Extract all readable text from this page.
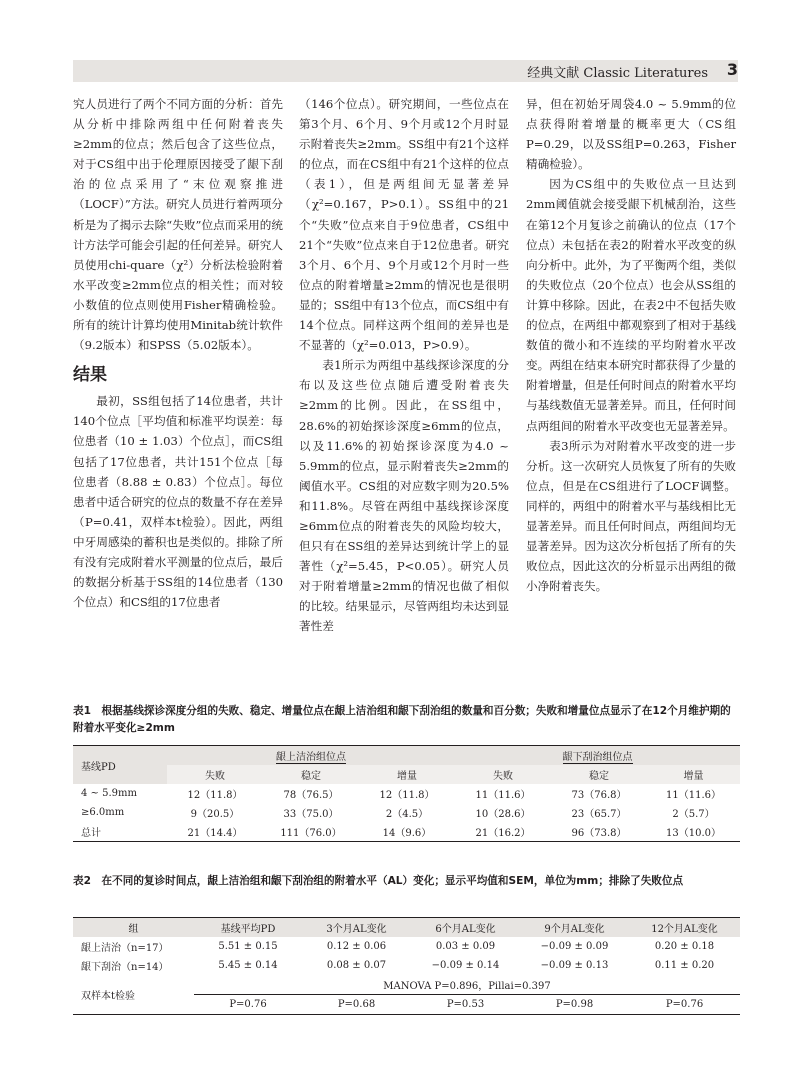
经典文献 Classic Literatures 3

究人员进行了两个不同方面的分析：首先从分析中排除两组中任何附着丧失≥2mm的位点；然后包含了这些位点，对于CS组中出于伦理原因接受了龈下刮治的位点采用了“末位观察推进（LOCF）”方法。研究人员进行着两项分析是为了揭示去除“失败”位点而采用的统计方法学可能会引起的任何差异。研究人员使用chi-quare（χ²）分析法检验附着水平改变≥2mm位点的相关性；而对较小数值的位点则使用Fisher精确检验。所有的统计计算均使用Minitab统计软件（9.2版本）和SPSS（5.02版本）。

结果

最初，SS组包括了14位患者，共计140个位点［平均值和标准平均误差：每位患者（10 ± 1.03）个位点］，而CS组包括了17位患者，共计151个位点［每位患者（8.88 ± 0.83）个位点］。每位患者中适合研究的位点的数量不存在差异（P=0.41，双样本t检验）。因此，两组中牙周感染的蓄积也是类似的。排除了所有没有完成附着水平测量的位点后，最后的数据分析基于SS组的14位患者（130个位点）和CS组的17位患者

（146个位点）。研究期间，一些位点在第3个月、6个月、9个月或12个月时显示附着丧失≥2mm。SS组中有21个这样的位点，而在CS组中有21个这样的位点（表1），但是两组间无显著差异（χ²=0.167，P>0.1）。SS组中的21个“失败”位点来自于9位患者，CS组中21个“失败”位点来自于12位患者。研究3个月、6个月、9个月或12个月时一些位点的附着增量≥2mm的情况也是很明显的；SS组中有13个位点，而CS组中有14个位点。同样这两个组间的差异也是不显著的（χ²=0.013，P>0.9）。

表1所示为两组中基线探诊深度的分布以及这些位点随后遭受附着丧失≥2mm的比例。因此，在SS组中，28.6%的初始探诊深度≥6mm的位点，以及11.6%的初始探诊深度为4.0 ~ 5.9mm的位点，显示附着丧失≥2mm的阈值水平。CS组的对应数字则为20.5%和11.8%。尽管在两组中基线探诊深度≥6mm位点的附着丧失的风险均较大，但只有在SS组的差异达到统计学上的显著性（χ²=5.45，P<0.05）。研究人员对于附着增量≥2mm的情况也做了相似的比较。结果显示，尽管两组均未达到显著性差

异，但在初始牙周袋4.0 ~ 5.9mm的位点获得附着增量的概率更大（CS组P=0.29，以及SS组P=0.263，Fisher精确检验）。

因为CS组中的失败位点一旦达到2mm阈值就会接受龈下机械刮治，这些在第12个月复诊之前确认的位点（17个位点）未包括在表2的附着水平改变的纵向分析中。此外，为了平衡两个组，类似的失败位点（20个位点）也会从SS组的计算中移除。因此，在表2中不包括失败的位点，在两组中都观察到了相对于基线数值的微小和不连续的平均附着水平改变。两组在结束本研究时都获得了少量的附着增量，但是任何时间点的附着水平均与基线数值无显著差异。而且，任何时间点两组间的附着水平改变也无显著差异。

表3所示为对附着水平改变的进一步分析。这一次研究人员恢复了所有的失败位点，但是在CS组进行了LOCF调整。同样的，两组中的附着水平与基线相比无显著差异。而且任何时间点，两组间均无显著差异。因为这次分析包括了所有的失败位点，因此这次的分析显示出两组的微小净附着丧失。

表1　根据基线探诊深度分组的失败、稳定、增量位点在龈上洁治组和龈下刮治组的数量和百分数；失败和增量位点显示了在12个月维护期的附着水平变化≥2mm
基线PD	龈上洁治组位点			龈下刮治组位点		
	失败	稳定	增量	失败	稳定	增量
4 ~ 5.9mm	12（11.8）	78（76.5）	12（11.8）	11（11.6）	73（76.8）	11（11.6）
≥6.0mm	9（20.5）	33（75.0）	2（4.5）	10（28.6）	23（65.7）	2（5.7）
总计	21（14.4）	111（76.0）	14（9.6）	21（16.2）	96（73.8）	13（10.0）
表2　在不同的复诊时间点，龈上洁治组和龈下刮治组的附着水平（AL）变化；显示平均值和SEM，单位为mm；排除了失败位点
组	基线平均PD	3个月AL变化	6个月AL变化	9个月AL变化	12个月AL变化
龈上洁治（n=17）	5.51 ± 0.15	0.12 ± 0.06	0.03 ± 0.09	−0.09 ± 0.09	0.20 ± 0.18
龈下刮治（n=14）	5.45 ± 0.14	0.08 ± 0.07	−0.09 ± 0.14	−0.09 ± 0.13	0.11 ± 0.20
双样本t检验	MANOVA P=0.896，Pillai=0.397				
	P=0.76	P=0.68	P=0.53	P=0.98	P=0.76
